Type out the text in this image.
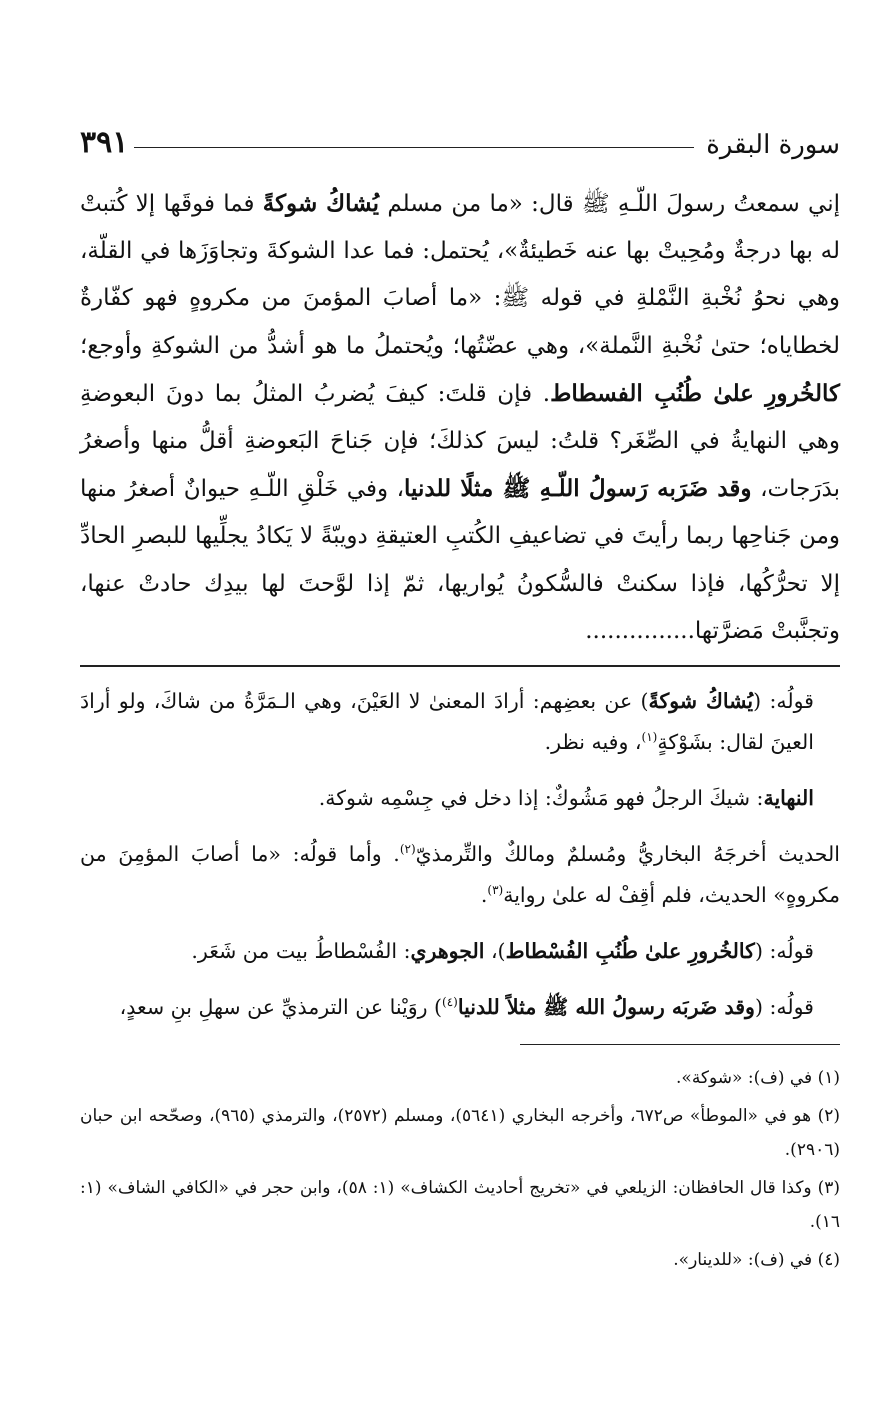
سورة البقرة
٣٩١

إني سمعتُ رسولَ اللّـهِ ﷺ قال: «ما من مسلم يُشاكُ شوكةً فما فوقَها إلا كُتبتْ له بها درجةٌ ومُحِيتْ بها عنه خَطيئةٌ»، يُحتمل: فما عدا الشوكةَ وتجاوَزَها في القلّة، وهي نحوُ نُخْبةِ النَّمْلةِ في قوله ﷺ: «ما أصابَ المؤمنَ من مكروهٍ فهو كفّارةٌ لخطاياه؛ حتىٰ نُخْبةِ النَّملة»، وهي عضّتُها؛ ويُحتملُ ما هو أشدُّ من الشوكةِ وأوجع؛ كالخُرورِ علىٰ طُنُبِ الفسطاط. فإن قلتَ: كيفَ يُضربُ المثلُ بما دونَ البعوضةِ وهي النهايةُ في الصِّغَر؟ قلتُ: ليسَ كذلكَ؛ فإن جَناحَ البَعوضةِ أقلُّ منها وأصغرُ بدَرَجات، وقد ضَرَبه رَسولُ اللّـهِ ﷺ مثلًا للدنيا، وفي خَلْقِ اللّـهِ حيوانٌ أصغرُ منها ومن جَناحِها ربما رأيتَ في تضاعيفِ الكُتبِ العتيقةِ دويبّةً لا يَكادُ يجلِّيها للبصرِ الحادِّ إلا تحرُّكُها، فإذا سكنتْ فالسُّكونُ يُواريها، ثمّ إذا لوَّحتَ لها بيدِك حادتْ عنها، وتجنَّبتْ مَضرَّتها...............

قولُه: (يُشاكُ شوكةً) عن بعضِهم: أرادَ المعنىٰ لا العَيْنَ، وهي الـمَرَّةُ من شاكَ، ولو أرادَ العينَ لقال: بشَوْكةٍ$^{(١)}$، وفيه نظر.

النهاية: شيكَ الرجلُ فهو مَشُوكٌ: إذا دخل في جِسْمِه شوكة.

الحديث أخرجَهُ البخاريُّ ومُسلمٌ ومالكٌ والتِّرمذيّ$^{(٢)}$. وأما قولُه: «ما أصابَ المؤمِنَ من مكروهٍ» الحديث، فلم أقِفْ له علىٰ رواية$^{(٣)}$.

قولُه: (كالخُرورِ علىٰ طُنُبِ الفُسْطاط)، الجوهري: الفُسْطاطُ بيت من شَعَر.

قولُه: (وقد ضَربَه رسولُ الله ﷺ مثلاً للدنيا$^{(٤)}$) روَيْنا عن الترمذيِّ عن سهلِ بنِ سعدٍ،

(١) في (ف): «شوكة».

(٢) هو في «الموطأ» ص٦٧٢، وأخرجه البخاري (٥٦٤١)، ومسلم (٢٥٧٢)، والترمذي (٩٦٥)، وصحّحه ابن حبان (٢٩٠٦).

(٣) وكذا قال الحافظان: الزيلعي في «تخريج أحاديث الكشاف» (١: ٥٨)، وابن حجر في «الكافي الشاف» (١: ١٦).

(٤) في (ف): «للدينار».
